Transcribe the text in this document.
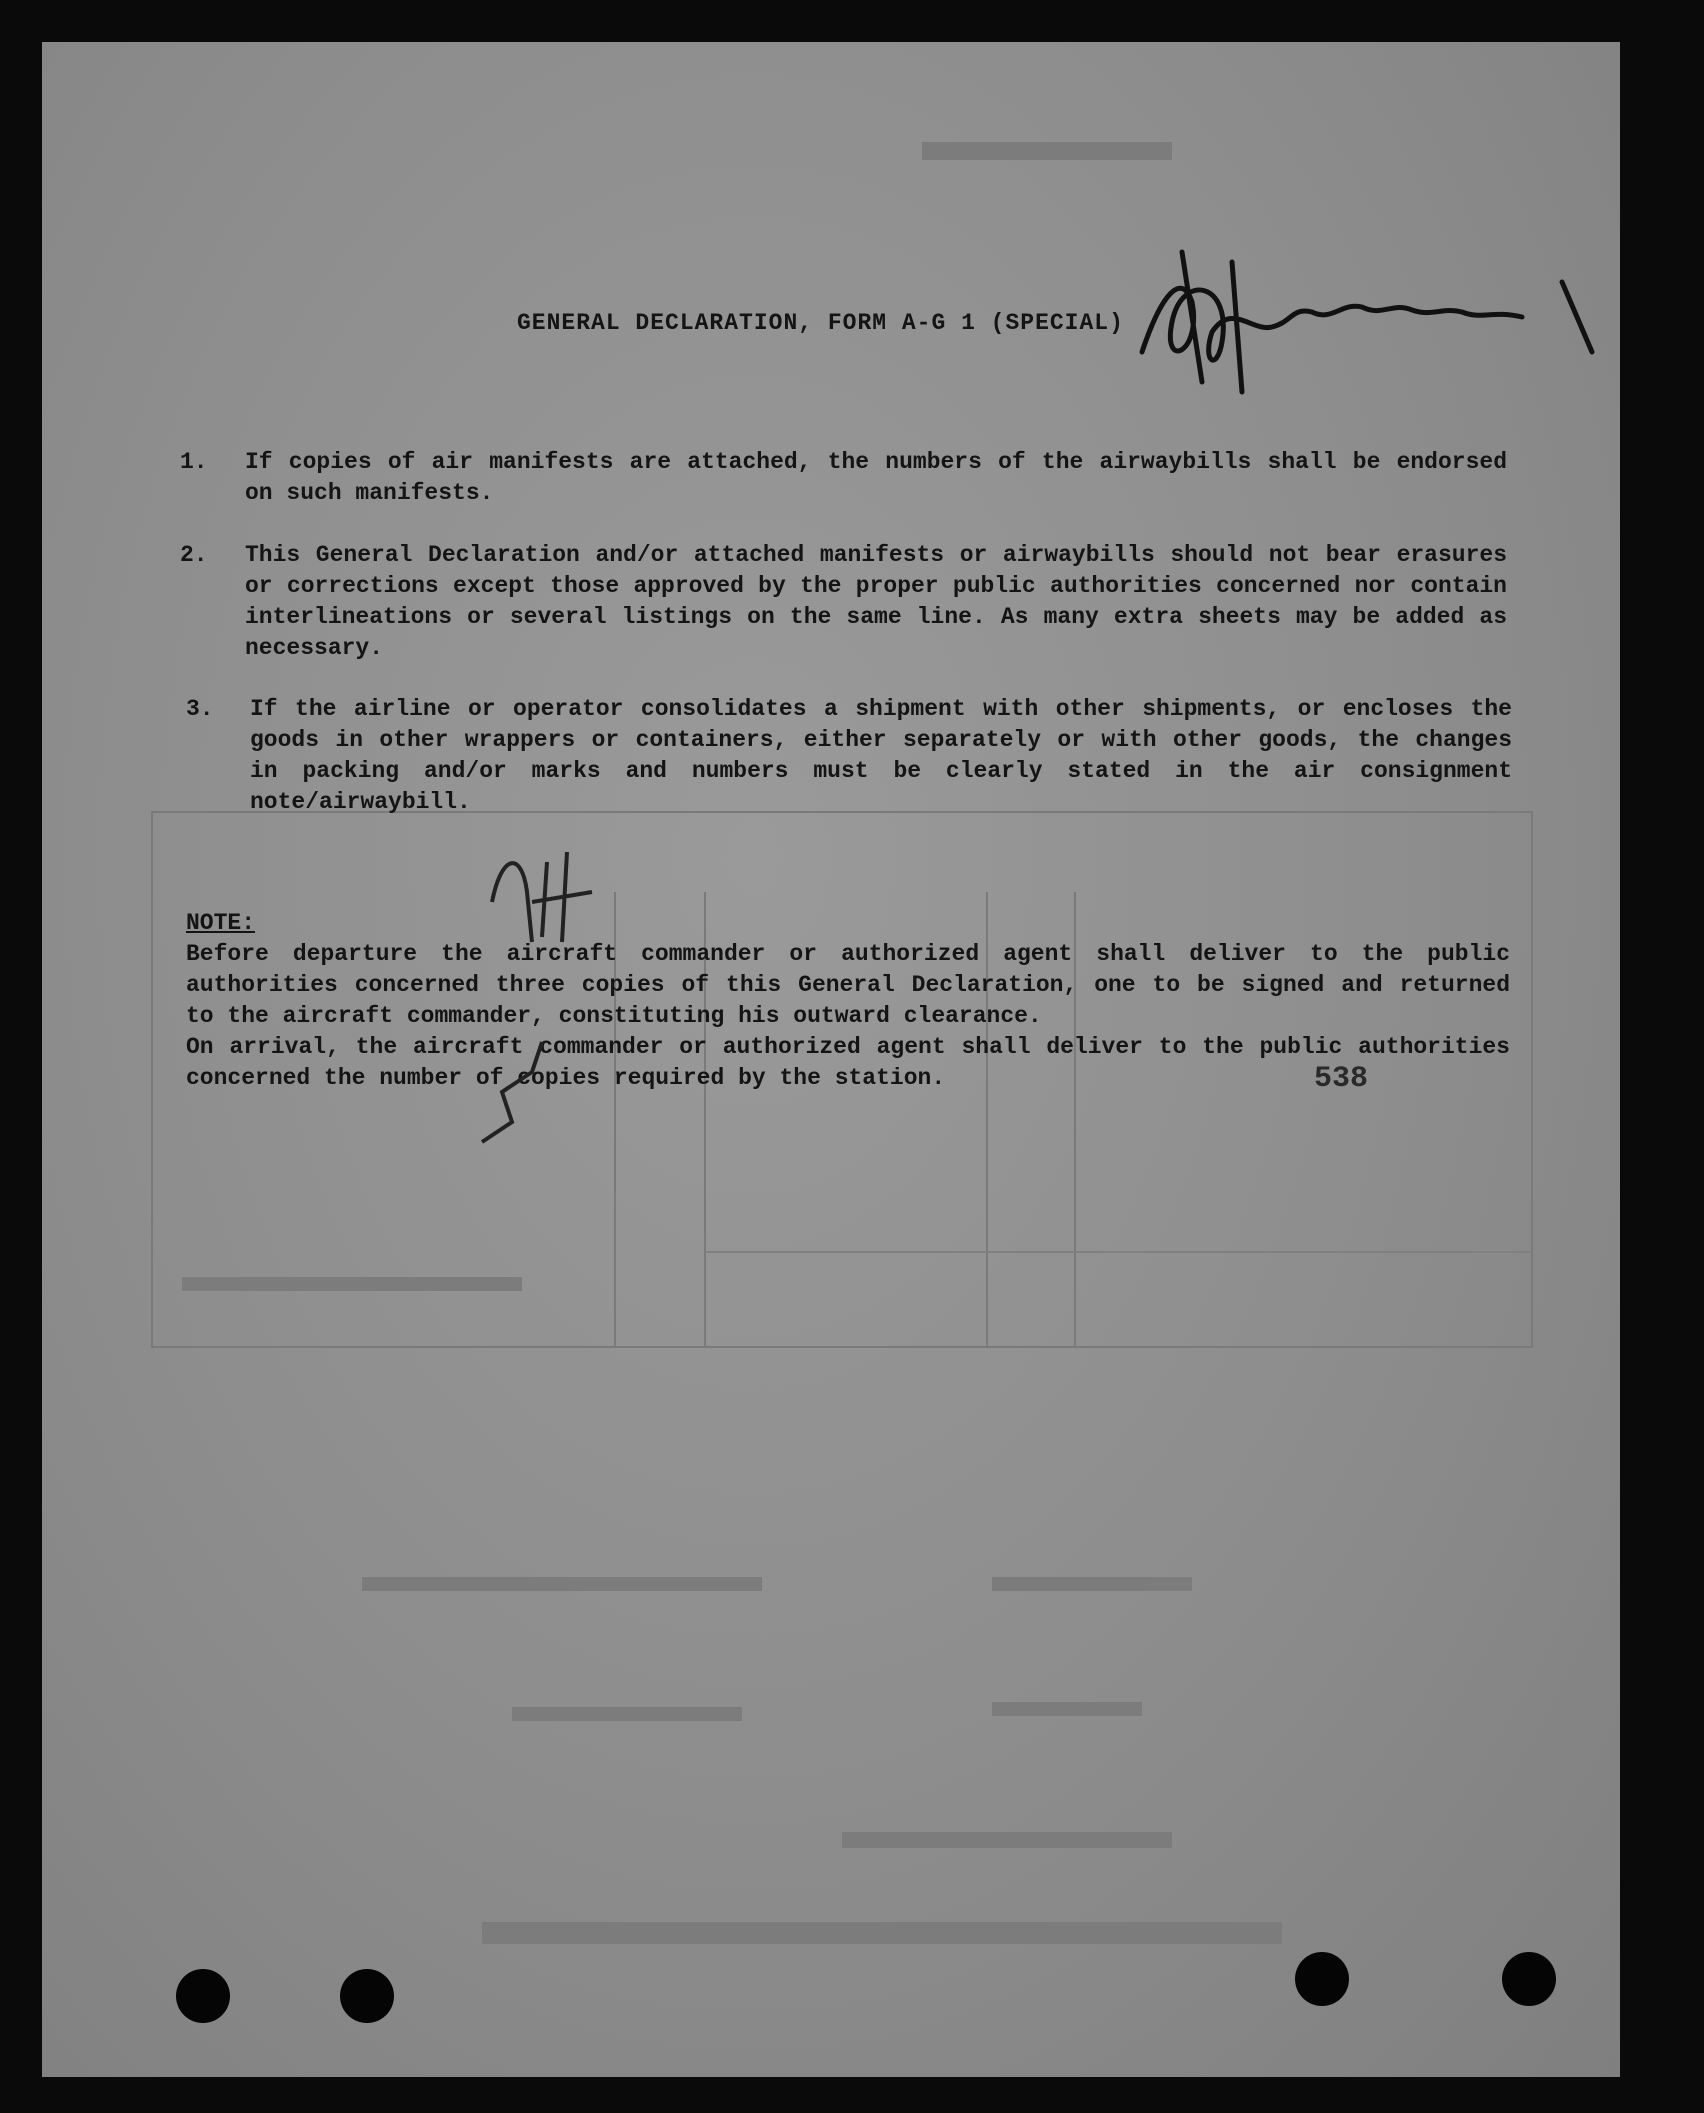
GENERAL DECLARATION, FORM A-G 1 (SPECIAL)
1. If copies of air manifests are attached, the numbers of the airwaybills shall be endorsed on such manifests.
2. This General Declaration and/or attached manifests or airwaybills should not bear erasures or corrections except those approved by the proper public authorities concerned nor contain interlineations or several listings on the same line. As many extra sheets may be added as necessary.
3. If the airline or operator consolidates a shipment with other shipments, or encloses the goods in other wrappers or containers, either separately or with other goods, the changes in packing and/or marks and numbers must be clearly stated in the air consignment note/airwaybill.

NOTE:
Before departure the aircraft commander or authorized agent shall deliver to the public authorities concerned three copies of this General Declaration, one to be signed and returned to the aircraft commander, constituting his outward clearance.

On arrival, the aircraft commander or authorized agent shall deliver to the public authorities concerned the number of copies required by the station.	538
